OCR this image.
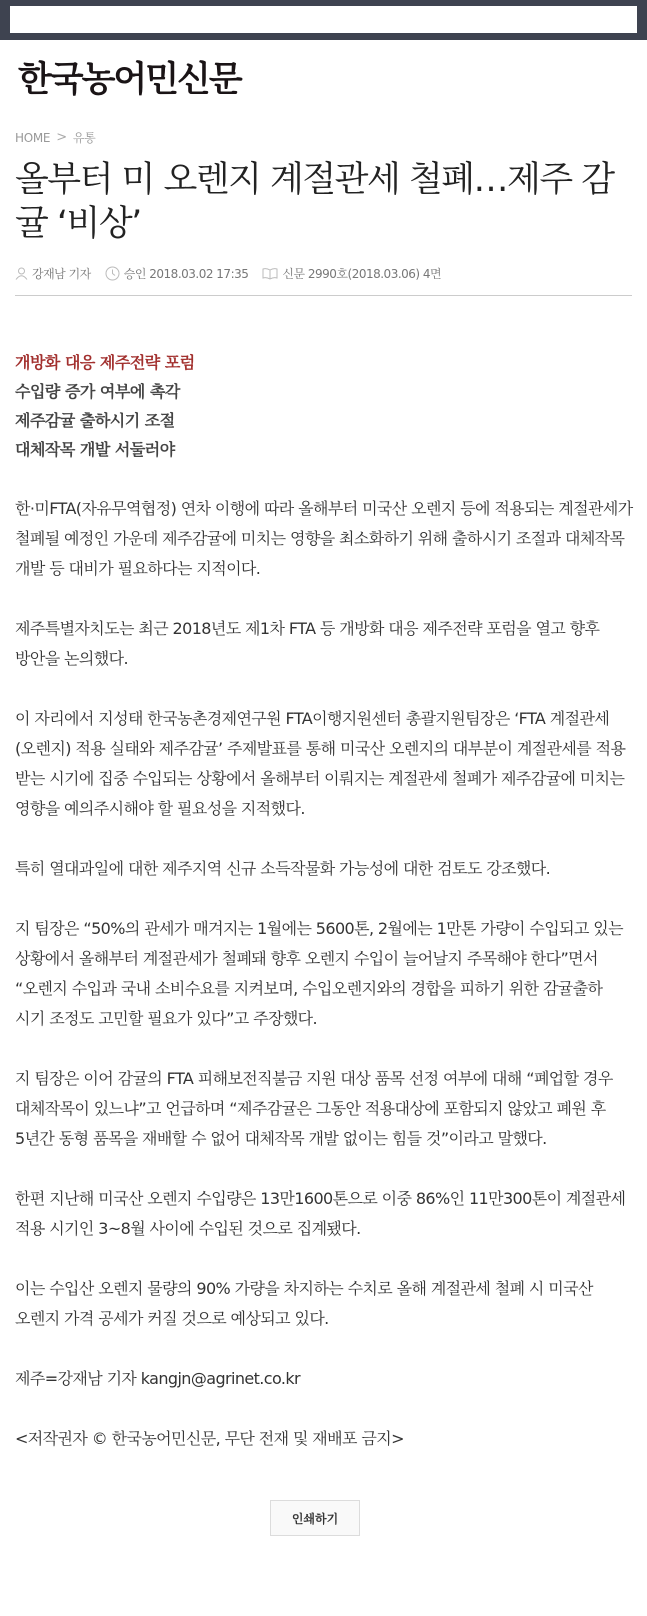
한국농어민신문
HOME > 유통
올부터 미 오렌지 계절관세 철폐…제주 감귤 ‘비상’
강재남 기자	승인 2018.03.02 17:35	신문 2990호(2018.03.06) 4면
개방화 대응 제주전략 포럼
수입량 증가 여부에 촉각
제주감귤 출하시기 조절
대체작목 개발 서둘러야

한·미FTA(자유무역협정) 연차 이행에 따라 올해부터 미국산 오렌지 등에 적용되는 계절관세가 철폐될 예정인 가운데 제주감귤에 미치는 영향을 최소화하기 위해 출하시기 조절과 대체작목 개발 등 대비가 필요하다는 지적이다.

제주특별자치도는 최근 2018년도 제1차 FTA 등 개방화 대응 제주전략 포럼을 열고 향후 방안을 논의했다.

이 자리에서 지성태 한국농촌경제연구원 FTA이행지원센터 총괄지원팀장은 ‘FTA 계절관세(오렌지) 적용 실태와 제주감귤’ 주제발표를 통해 미국산 오렌지의 대부분이 계절관세를 적용 받는 시기에 집중 수입되는 상황에서 올해부터 이뤄지는 계절관세 철폐가 제주감귤에 미치는 영향을 예의주시해야 할 필요성을 지적했다.

특히 열대과일에 대한 제주지역 신규 소득작물화 가능성에 대한 검토도 강조했다.

지 팀장은 “50%의 관세가 매겨지는 1월에는 5600톤, 2월에는 1만톤 가량이 수입되고 있는 상황에서 올해부터 계절관세가 철폐돼 향후 오렌지 수입이 늘어날지 주목해야 한다”면서 “오렌지 수입과 국내 소비수요를 지켜보며, 수입오렌지와의 경합을 피하기 위한 감귤출하 시기 조정도 고민할 필요가 있다”고 주장했다.

지 팀장은 이어 감귤의 FTA 피해보전직불금 지원 대상 품목 선정 여부에 대해 “폐업할 경우 대체작목이 있느냐”고 언급하며 “제주감귤은 그동안 적용대상에 포함되지 않았고 폐원 후 5년간 동형 품목을 재배할 수 없어 대체작목 개발 없이는 힘들 것”이라고 말했다.

한편 지난해 미국산 오렌지 수입량은 13만1600톤으로 이중 86%인 11만300톤이 계절관세 적용 시기인 3~8월 사이에 수입된 것으로 집계됐다.

이는 수입산 오렌지 물량의 90% 가량을 차지하는 수치로 올해 계절관세 철폐 시 미국산 오렌지 가격 공세가 커질 것으로 예상되고 있다.

제주=강재남 기자 kangjn@agrinet.co.kr

<저작권자 © 한국농어민신문, 무단 전재 및 재배포 금지>

인쇄하기
